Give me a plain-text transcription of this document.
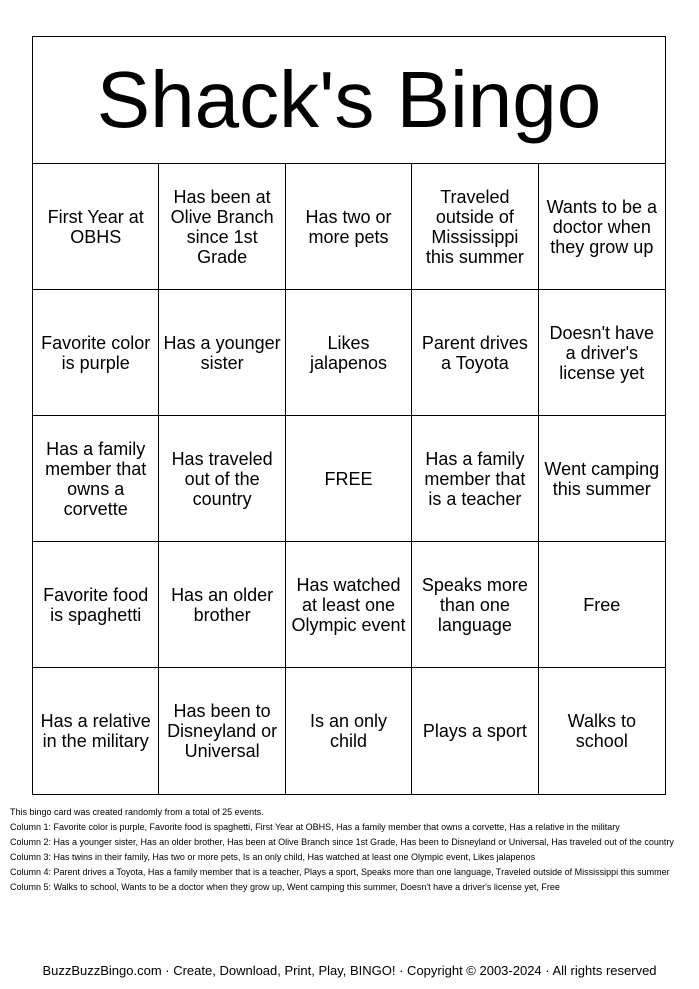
Shack's Bingo
First Year at OBHS
Has been at Olive Branch since 1st Grade
Has two or more pets
Traveled outside of Mississippi this summer
Wants to be a doctor when they grow up
Favorite color is purple
Has a younger sister
Likes jalapenos
Parent drives a Toyota
Doesn't have a driver's license yet
Has a family member that owns a corvette
Has traveled out of the country
FREE
Has a family member that is a teacher
Went camping this summer
Favorite food is spaghetti
Has an older brother
Has watched at least one Olympic event
Speaks more than one language
Free
Has a relative in the military
Has been to Disneyland or Universal
Is an only child	Plays a sport	Walks to school
This bingo card was created randomly from a total of 25 events.
Column 1: Favorite color is purple, Favorite food is spaghetti, First Year at OBHS, Has a family member that owns a corvette, Has a relative in the military
Column 2: Has a younger sister, Has an older brother, Has been at Olive Branch since 1st Grade, Has been to Disneyland or Universal, Has traveled out of the country
Column 3: Has twins in their family, Has two or more pets, Is an only child, Has watched at least one Olympic event, Likes jalapenos
Column 4: Parent drives a Toyota, Has a family member that is a teacher, Plays a sport, Speaks more than one language, Traveled outside of Mississippi this summer
Column 5: Walks to school, Wants to be a doctor when they grow up, Went camping this summer, Doesn't have a driver's license yet, Free
BuzzBuzzBingo.com · Create, Download, Print, Play, BINGO! · Copyright © 2003-2024 · All rights reserved
